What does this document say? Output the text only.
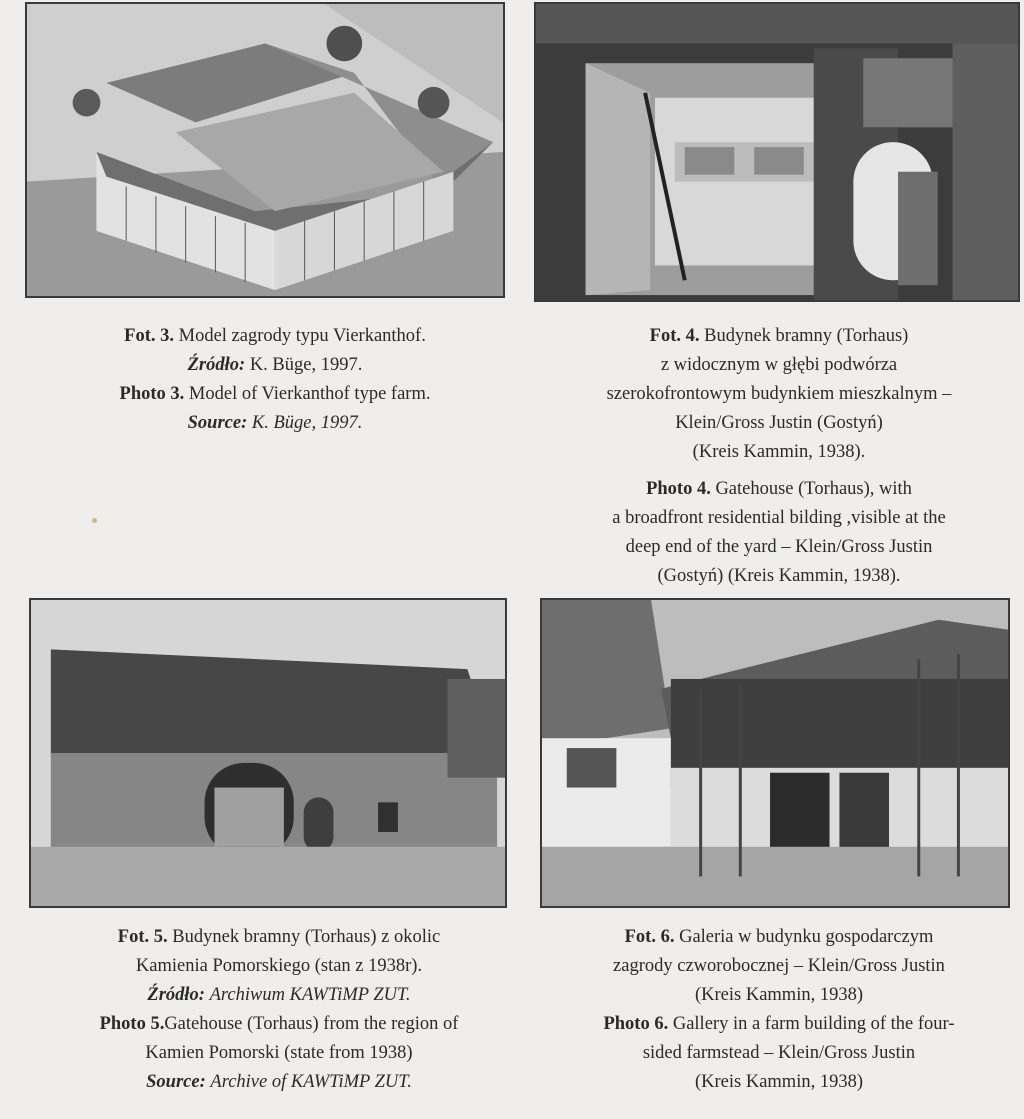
Fot. 3. Model zagrody typu Vierkanthof.

Źródło: K. Büge, 1997.

Photo 3. Model of Vierkanthof type farm.

Source: K. Büge, 1997.

Fot. 4. Budynek bramny (Torhaus)

z widocznym w głębi podwórza

szerokofrontowym budynkiem mieszkalnym –

Klein/Gross Justin (Gostyń)

(Kreis Kammin, 1938).

Photo 4. Gatehouse (Torhaus), with

a broadfront residential bilding ,visible at the

deep end of the yard – Klein/Gross Justin

(Gostyń) (Kreis Kammin, 1938).

Fot. 5. Budynek bramny (Torhaus) z okolic

Kamienia Pomorskiego (stan z 1938r).

Źródło: Archiwum KAWTiMP ZUT.

Photo 5.Gatehouse (Torhaus) from the region of

Kamien Pomorski (state from 1938)

Source: Archive of KAWTiMP ZUT.

Fot. 6. Galeria w budynku gospodarczym

zagrody czworobocznej – Klein/Gross Justin

(Kreis Kammin, 1938)

Photo 6. Gallery in a farm building of the four-

sided farmstead – Klein/Gross Justin

(Kreis Kammin, 1938)
